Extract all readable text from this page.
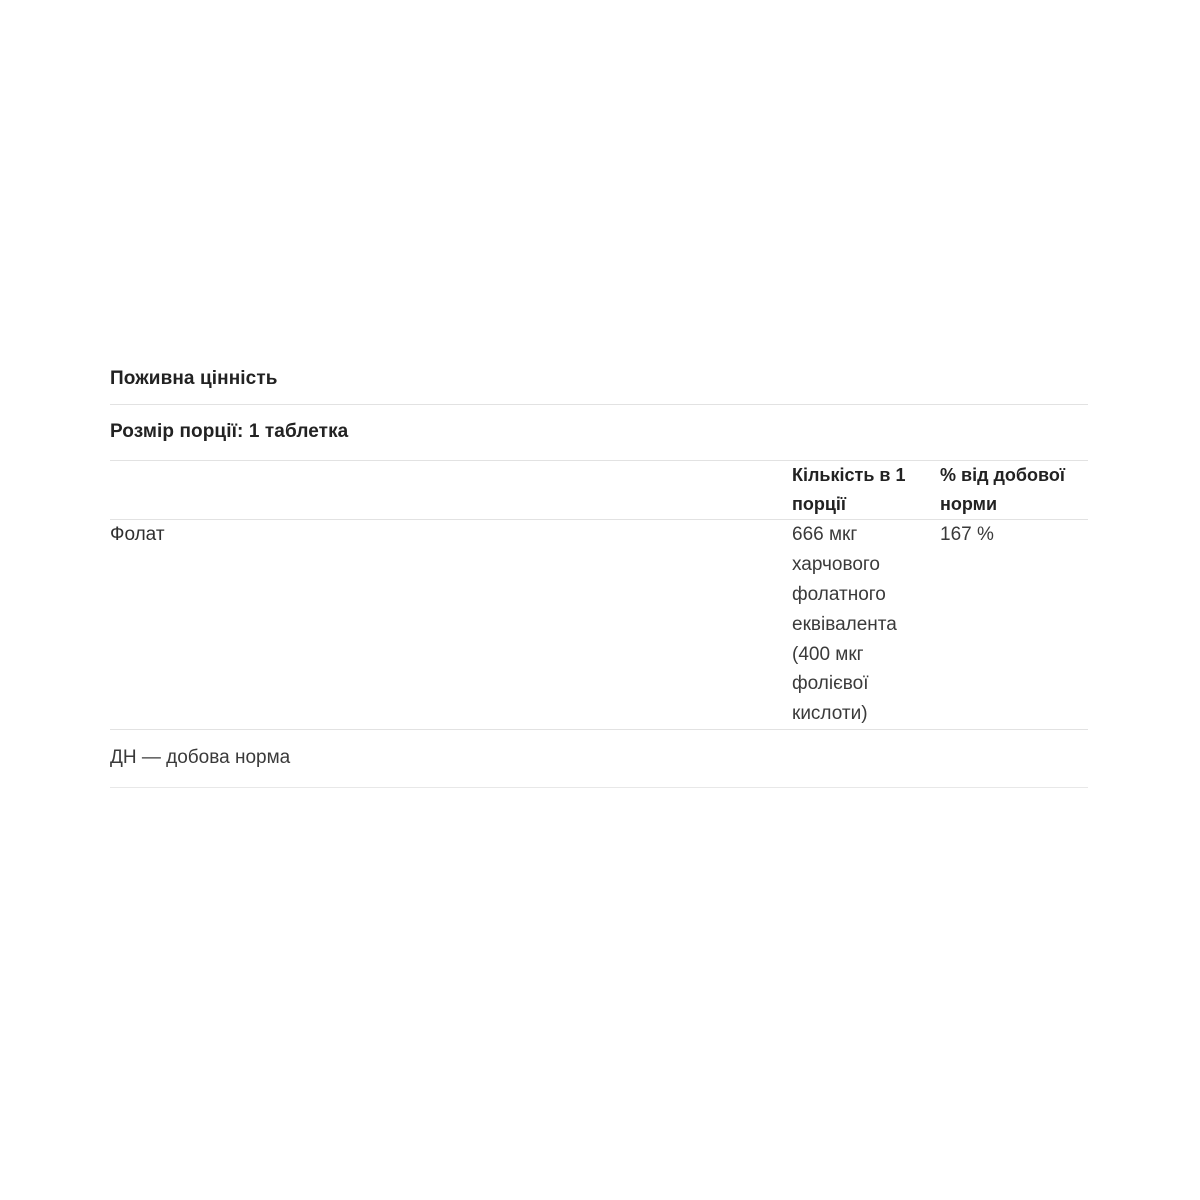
Поживна цінність
Розмір порції: 1 таблетка
	Кількість в 1 порції	% від добової норми
Фолат	666 мкг харчового фолатного еквівалента (400 мкг фолієвої кислоти)	167 %
ДН — добова норма
